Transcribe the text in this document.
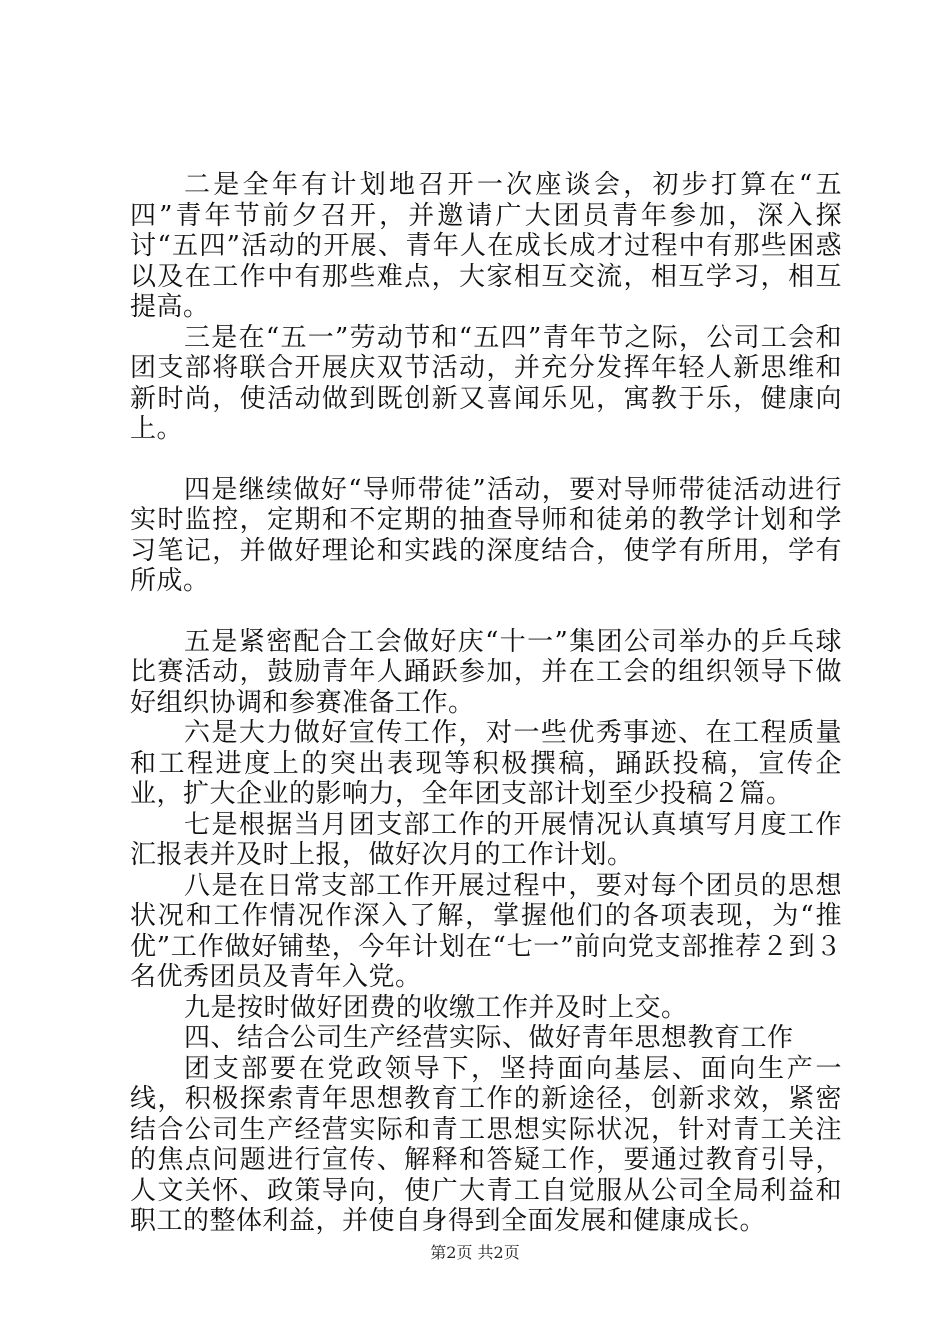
二是全年有计划地召开一次座谈会，初步打算在“五四”青年节前夕召开，并邀请广大团员青年参加，深入探讨“五四”活动的开展、青年人在成长成才过程中有那些困惑以及在工作中有那些难点，大家相互交流，相互学习，相互提高。

三是在“五一”劳动节和“五四”青年节之际，公司工会和团支部将联合开展庆双节活动，并充分发挥年轻人新思维和新时尚，使活动做到既创新又喜闻乐见，寓教于乐，健康向上。

四是继续做好“导师带徒”活动，要对导师带徒活动进行实时监控，定期和不定期的抽查导师和徒弟的教学计划和学习笔记，并做好理论和实践的深度结合，使学有所用，学有所成。

五是紧密配合工会做好庆“十一”集团公司举办的乒乓球比赛活动，鼓励青年人踊跃参加，并在工会的组织领导下做好组织协调和参赛准备工作。

六是大力做好宣传工作，对一些优秀事迹、在工程质量和工程进度上的突出表现等积极撰稿，踊跃投稿，宣传企业，扩大企业的影响力，全年团支部计划至少投稿２篇。

七是根据当月团支部工作的开展情况认真填写月度工作汇报表并及时上报，做好次月的工作计划。

八是在日常支部工作开展过程中，要对每个团员的思想状况和工作情况作深入了解，掌握他们的各项表现，为“推优”工作做好铺垫，今年计划在“七一”前向党支部推荐２到３名优秀团员及青年入党。

九是按时做好团费的收缴工作并及时上交。

四、结合公司生产经营实际、做好青年思想教育工作

团支部要在党政领导下，坚持面向基层、面向生产一线，积极探索青年思想教育工作的新途径，创新求效，紧密结合公司生产经营实际和青工思想实际状况，针对青工关注的焦点问题进行宣传、解释和答疑工作，要通过教育引导，人文关怀、政策导向，使广大青工自觉服从公司全局利益和职工的整体利益，并使自身得到全面发展和健康成长。

第2页 共2页
